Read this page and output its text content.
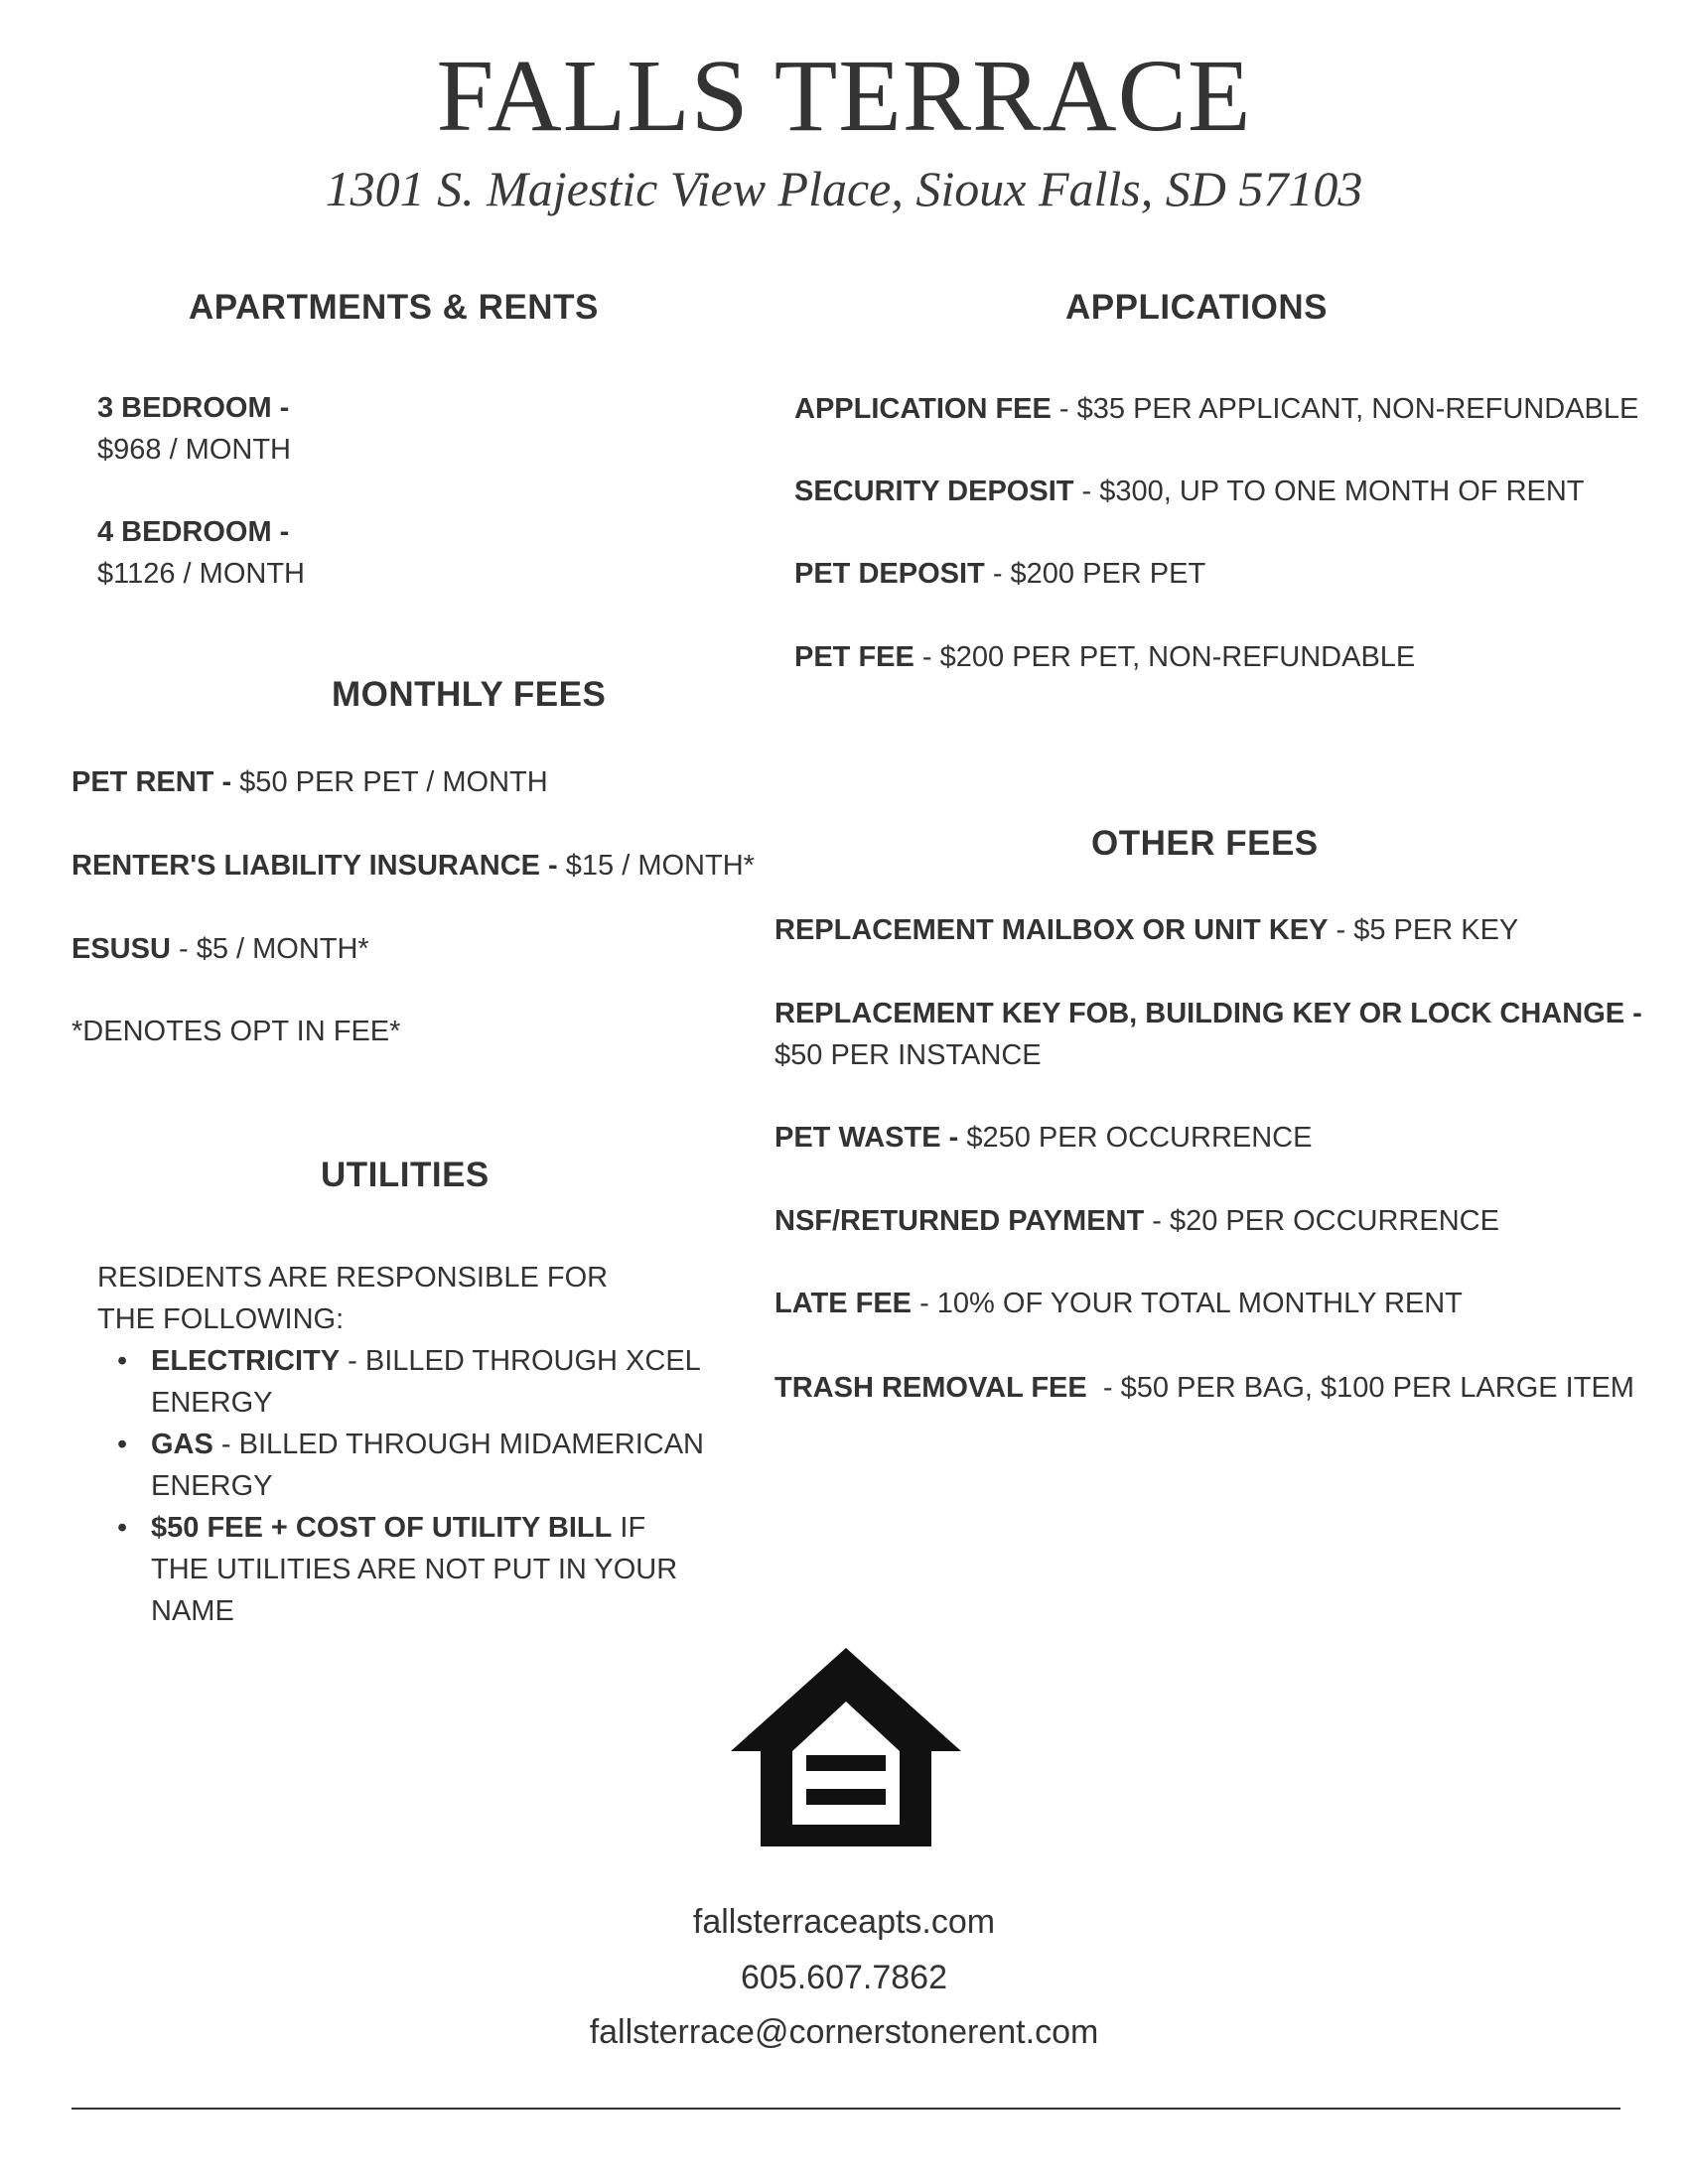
FALLS TERRACE
1301 S. Majestic View Place, Sioux Falls, SD 57103
APARTMENTS & RENTS
3 BEDROOM -
$968 / MONTH
4 BEDROOM -
$1126 / MONTH
MONTHLY FEES
PET RENT - $50 PER PET / MONTH
RENTER'S LIABILITY INSURANCE - $15 / MONTH*
ESUSU - $5 / MONTH*
*DENOTES OPT IN FEE*
UTILITIES
RESIDENTS ARE RESPONSIBLE FOR THE FOLLOWING:
• ELECTRICITY - BILLED THROUGH XCEL ENERGY
• GAS - BILLED THROUGH MIDAMERICAN ENERGY
• $50 FEE + COST OF UTILITY BILL IF THE UTILITIES ARE NOT PUT IN YOUR NAME
APPLICATIONS
APPLICATION FEE - $35 PER APPLICANT, NON-REFUNDABLE
SECURITY DEPOSIT - $300, UP TO ONE MONTH OF RENT
PET DEPOSIT - $200 PER PET
PET FEE - $200 PER PET, NON-REFUNDABLE
OTHER FEES
REPLACEMENT MAILBOX OR UNIT KEY - $5 PER KEY
REPLACEMENT KEY FOB, BUILDING KEY OR LOCK CHANGE -
$50 PER INSTANCE
PET WASTE - $250 PER OCCURRENCE
NSF/RETURNED PAYMENT - $20 PER OCCURRENCE
LATE FEE - 10% OF YOUR TOTAL MONTHLY RENT
TRASH REMOVAL FEE  - $50 PER BAG, $100 PER LARGE ITEM
fallsterraceapts.com
605.607.7862
fallsterrace@cornerstonerent.com
